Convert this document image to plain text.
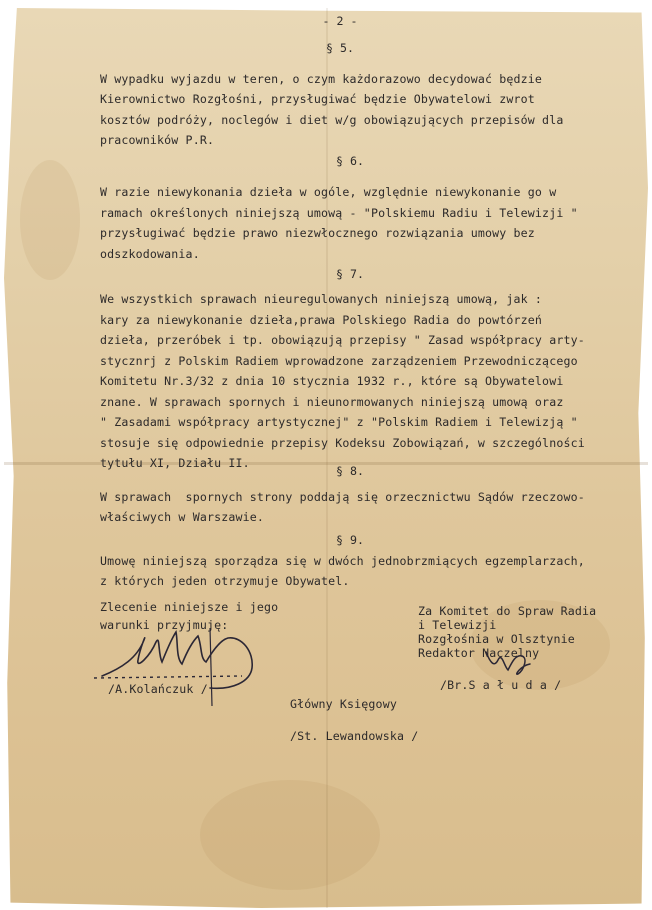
- 2 -
§ 5.
W wypadku wyjazdu w teren, o czym każdorazowo decydować będzie
Kierownictwo Rozgłośni, przysługiwać będzie Obywatelowi zwrot
kosztów podróży, noclegów i diet w/g obowiązujących przepisów dla
pracowników P.R.
§ 6.
W razie niewykonania dzieła w ogóle, względnie niewykonanie go w
ramach określonych niniejszą umową - "Polskiemu Radiu i Telewizji "
przysługiwać będzie prawo niezwłocznego rozwiązania umowy bez
odszkodowania.
§ 7.
We wszystkich sprawach nieuregulowanych niniejszą umową, jak :
kary za niewykonanie dzieła,prawa Polskiego Radia do powtórzeń
dzieła, przeróbek i tp. obowiązują przepisy " Zasad współpracy arty-
stycznrj z Polskim Radiem wprowadzone zarządzeniem Przewodniczącego
Komitetu Nr.3/32 z dnia 10 stycznia 1932 r., które są Obywatelowi
znane. W sprawach spornych i nieunormowanych niniejszą umową oraz
" Zasadami współpracy artystycznej" z "Polskim Radiem i Telewizją "
stosuje się odpowiednie przepisy Kodeksu Zobowiązań, w szczególności
tytułu XI, Działu II.
§ 8.
W sprawach  spornych strony poddają się orzecznictwu Sądów rzeczowo-
właściwych w Warszawie.
§ 9.
Umowę niniejszą sporządza się w dwóch jednobrzmiących egzemplarzach,
z których jeden otrzymuje Obywatel.
Zlecenie niniejsze i jego
warunki przyjmuję:
/A.Kolańczuk /
Za Komitet do Spraw Radia
i Telewizji
Rozgłośnia w Olsztynie
Redaktor Naczelny
/Br.S a ł u d a /
Główny Księgowy
/St. Lewandowska /
